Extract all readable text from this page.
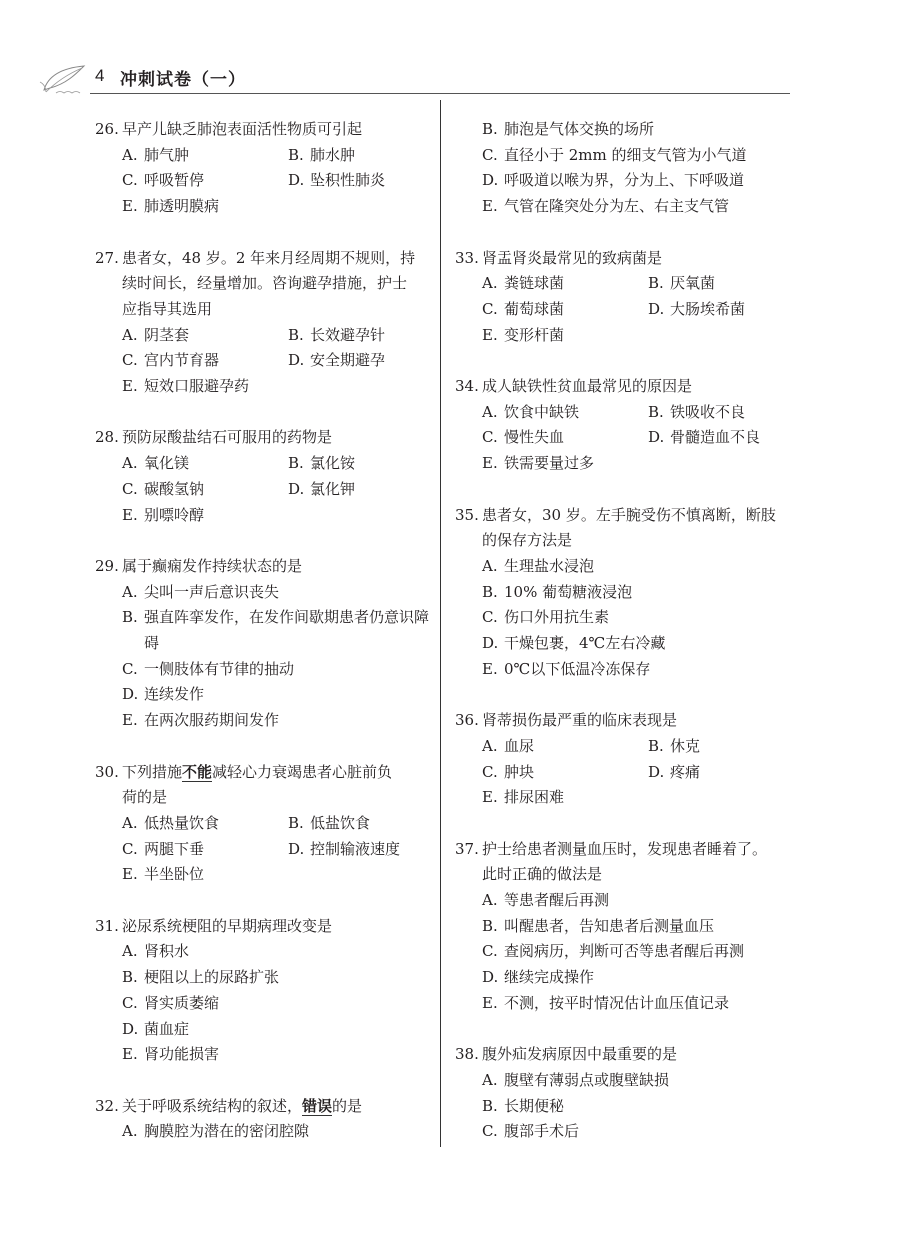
4 冲刺试卷（一）
26. 早产儿缺乏肺泡表面活性物质可引起
A. 肺气肿	B. 肺水肿
C. 呼吸暂停	D. 坠积性肺炎
E. 肺透明膜病
27. 患者女，48 岁。2 年来月经周期不规则，持
续时间长，经量增加。咨询避孕措施，护士
应指导其选用
A. 阴茎套	B. 长效避孕针
C. 宫内节育器	D. 安全期避孕
E. 短效口服避孕药
28. 预防尿酸盐结石可服用的药物是
A. 氧化镁	B. 氯化铵
C. 碳酸氢钠	D. 氯化钾
E. 别嘌呤醇
29. 属于癫痫发作持续状态的是
A. 尖叫一声后意识丧失
B. 强直阵挛发作，在发作间歇期患者仍意识障碍
C. 一侧肢体有节律的抽动
D. 连续发作
E. 在两次服药期间发作
30. 下列措施不能减轻心力衰竭患者心脏前负
荷的是
A. 低热量饮食	B. 低盐饮食
C. 两腿下垂	D. 控制输液速度
E. 半坐卧位
31. 泌尿系统梗阻的早期病理改变是
A. 肾积水
B. 梗阻以上的尿路扩张
C. 肾实质萎缩
D. 菌血症
E. 肾功能损害
32. 关于呼吸系统结构的叙述，错误的是
A. 胸膜腔为潜在的密闭腔隙
B. 肺泡是气体交换的场所
C. 直径小于 2mm 的细支气管为小气道
D. 呼吸道以喉为界，分为上、下呼吸道
E. 气管在隆突处分为左、右主支气管
33. 肾盂肾炎最常见的致病菌是
A. 粪链球菌	B. 厌氧菌
C. 葡萄球菌	D. 大肠埃希菌
E. 变形杆菌
34. 成人缺铁性贫血最常见的原因是
A. 饮食中缺铁	B. 铁吸收不良
C. 慢性失血	D. 骨髓造血不良
E. 铁需要量过多
35. 患者女，30 岁。左手腕受伤不慎离断，断肢
的保存方法是
A. 生理盐水浸泡
B. 10% 葡萄糖液浸泡
C. 伤口外用抗生素
D. 干燥包裹，4℃左右冷藏
E. 0℃以下低温冷冻保存
36. 肾蒂损伤最严重的临床表现是
A. 血尿	B. 休克
C. 肿块	D. 疼痛
E. 排尿困难
37. 护士给患者测量血压时，发现患者睡着了。
此时正确的做法是
A. 等患者醒后再测
B. 叫醒患者，告知患者后测量血压
C. 查阅病历，判断可否等患者醒后再测
D. 继续完成操作
E. 不测，按平时情况估计血压值记录
38. 腹外疝发病原因中最重要的是
A. 腹壁有薄弱点或腹壁缺损
B. 长期便秘
C. 腹部手术后
